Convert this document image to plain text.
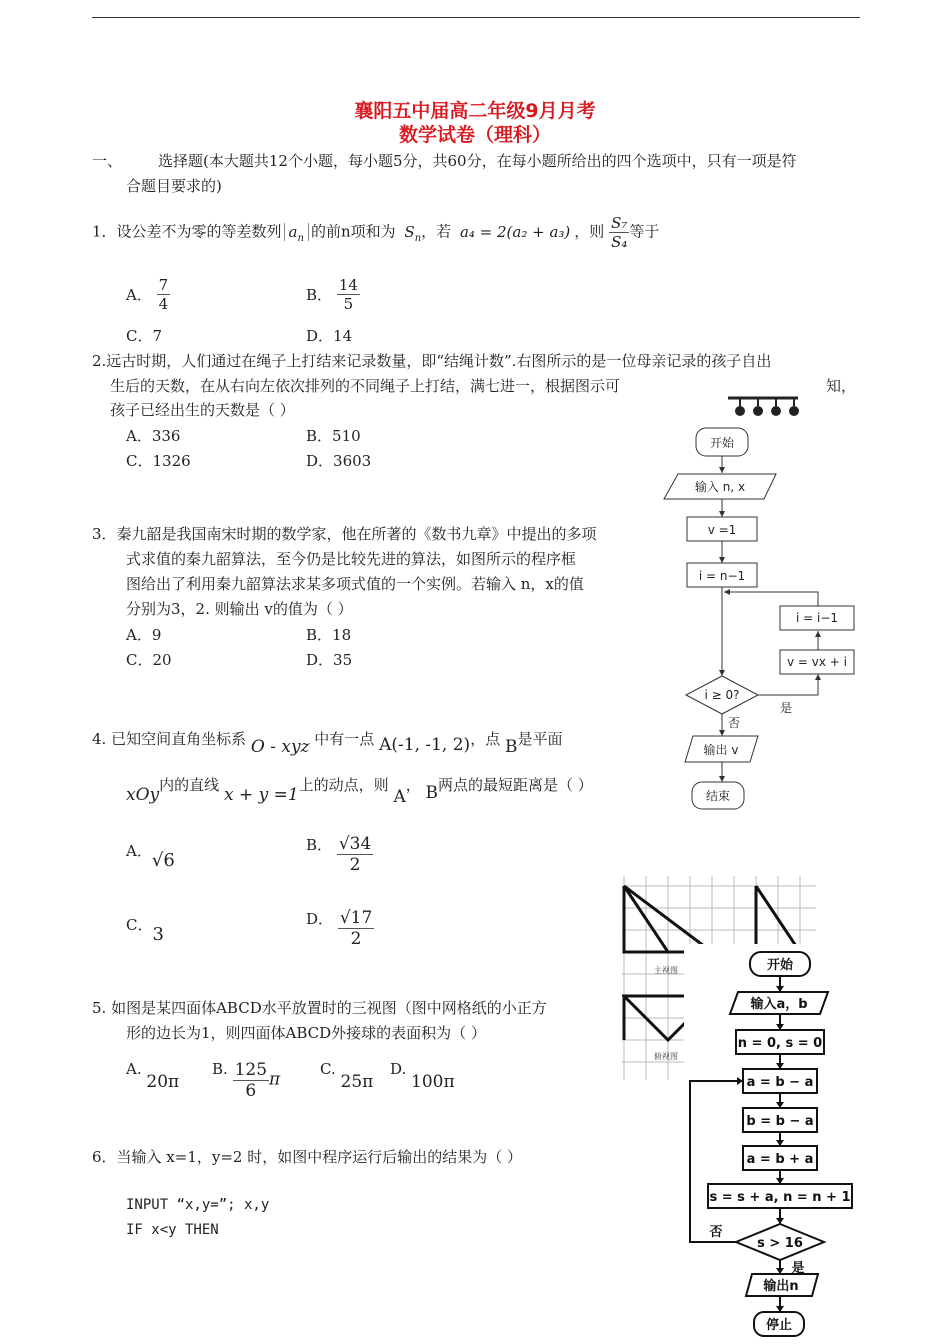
襄阳五中届高二年级9月月考
数学试卷（理科）
一、 选择题(本大题共12个小题，每小题5分，共60分，在每小题所给出的四个选项中，只有一项是符
合题目要求的)
1．设公差不为零的等差数列 $a_n$ 的前n项和为 $S_n$，若 a₄ = 2(a₂ + a₃) ，则 $\frac{\text{S₇}}{\text{S₄}}$ 等于
A． $\frac{7}{4}$	B． $\frac{14}{5}$
C．7	D．14
2.远古时期，人们通过在绳子上打结来记录数量，即“结绳计数”.右图所示的是一位母亲记录的孩子自出
生后的天数，在从右向左依次排列的不同绳子上打结，满七进一，根据图示可	知，
孩子已经出生的天数是（ ）
A．336	B．510
C．1326	D．3603
3．秦九韶是我国南宋时期的数学家，他在所著的《数书九章》中提出的多项
式求值的秦九韶算法，至今仍是比较先进的算法，如图所示的程序框
图给出了利用秦九韶算法求某多项式值的一个实例。若输入 n，x的值
分别为3，2. 则输出 v的值为（ ）
A．9	B．18
C．20	D．35
开始
输入 n, x
v =1
i = n−1
i = i−1
v = vx + i
i ≥ 0?
是
否
输出 v
结束
4. 已知空间直角坐标系 O - xyz 中有一点 A(-1, -1, 2)，点 B是平面
xOy内的直线 x + y =1上的动点，则 A， B两点的最短距离是（ ）
A．√6
B． $\frac{√34}{2}$
C．3
D． $\frac{√17}{2}$
主视图
俯视图
5. 如图是某四面体ABCD水平放置时的三视图（图中网格纸的小正方
形的边长为1，则四面体ABCD外接球的表面积为（ ）
A. 20π
B. $\frac{125}{6}$ π
C. 25π
D. 100π
6．当输入 x=1，y=2 时，如图中程序运行后输出的结果为（ ）
INPUT “x,y=”; x,y
IF x<y THEN
开始
输入a，b
n = 0, s = 0
a = b − a
b = b − a
a = b + a
s = s + a, n = n + 1
s > 16
否
是
输出n
停止
